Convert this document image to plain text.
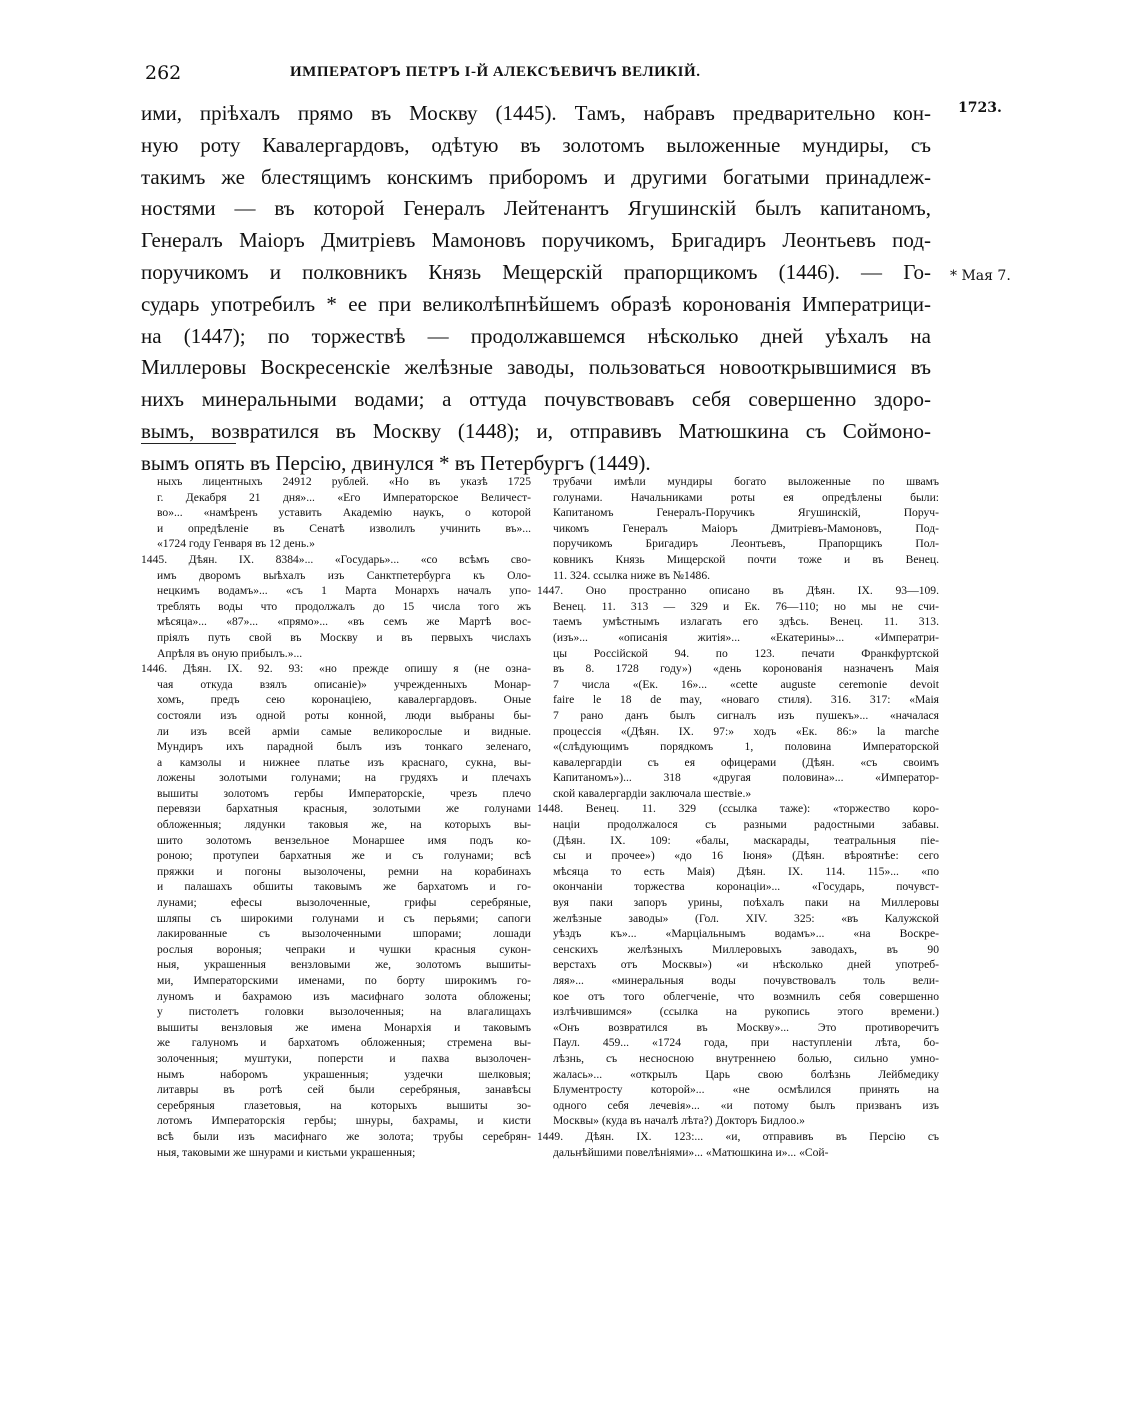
262	ИМПЕРАТОРЪ ПЕТРЪ I-Й АЛЕКСѢЕВИЧЪ ВЕЛИКІЙ.
1723.
* Мая 7.
ими, пріѣхалъ прямо въ Москву (1445). Тамъ, набравъ предварительно кон-
ную роту Кавалергардовъ, одѣтую въ золотомъ выложенные мундиры, съ
такимъ же блестящимъ конскимъ приборомъ и другими богатыми принадлеж-
ностями — въ которой Генералъ Лейтенантъ Ягушинскій былъ капитаномъ,
Генералъ Маіоръ Дмитріевъ Мамоновъ поручикомъ, Бригадиръ Леонтьевъ под-
поручикомъ и полковникъ Князь Мещерскій прапорщикомъ (1446). — Го-
сударь употребилъ * ее при великолѣпнѣйшемъ образѣ коронованія Императрици-
на (1447); по торжествѣ — продолжавшемся нѣсколько дней уѣхалъ на
Миллеровы Воскресенскіе желѣзные заводы, пользоваться новооткрывшимися въ
нихъ минеральными водами; а оттуда почувствовавъ себя совершенно здоро-
вымъ, возвратился въ Москву (1448); и, отправивъ Матюшкина съ Соймоно-
вымъ опять въ Персію, двинулся * въ Петербургъ (1449).
ныхъ лицентныхъ 24912 рублей. «Но въ указѣ 1725
г. Декабря 21 дня»... «Его Императорское Величест-
во»... «намѣренъ уставить Академію наукъ, о которой
и опредѣленіе въ Сенатѣ изволилъ учинить въ»...
«1724 году Генваря въ 12 день.»
1445. Дѣян. IX. 8384»... «Государь»... «со всѣмъ сво-
имъ дворомъ выѣхалъ изъ Санктпетербурга къ Оло-
нецкимъ водамъ»... «съ 1 Марта Монархъ началъ упо-
треблять воды что продолжалъ до 15 числа того жъ
мѣсяца»... «87»... «прямо»... «въ семъ же Мартѣ вос-
пріялъ путь свой въ Москву и въ первыхъ числахъ
Апрѣля въ оную прибылъ.»...
1446. Дѣян. IX. 92. 93: «но прежде опишу я (не озна-
чая откуда взялъ описаніе)» учрежденныхъ Монар-
хомъ, предъ сею коронаціею, кавалергардовъ. Оные
состояли изъ одной роты конной, люди выбраны бы-
ли изъ всей арміи самые великорослые и видные.
Мундиръ ихъ парадной былъ изъ тонкаго зеленаго,
а камзолы и нижнее платье изъ краснаго, сукна, вы-
ложены золотыми голунами; на грудяхъ и плечахъ
вышиты золотомъ гербы Императорскіе, чрезъ плечо
перевязи бархатныя красныя, золотыми же голунами
обложенныя; лядунки таковыя же, на которыхъ вы-
шито золотомъ вензельное Монаршее имя подъ ко-
роною; протупеи бархатныя же и съ голунами; всѣ
пряжки и погоны вызолочены, ремни на корабинахъ
и палашахъ обшиты таковымъ же бархатомъ и го-
лунами; ефесы вызолоченные, грифы серебряные,
шляпы съ широкими голунами и съ перьями; сапоги
лакированные съ вызолоченными шпорами; лошади
рослыя вороныя; чепраки и чушки красныя сукон-
ныя, украшенныя вензловыми же, золотомъ вышиты-
ми, Императорскими именами, по борту широкимъ го-
луномъ и бахрамою изъ масифнаго золота обложены;
у пистолетъ головки вызолоченныя; на влагалищахъ
вышиты вензловыя же имена Монархія и таковымъ
же галуномъ и бархатомъ обложенныя; стремена вы-
золоченныя; муштуки, поперсти и пахва вызолочен-
нымъ наборомъ украшенныя; уздечки шелковыя;
литавры въ ротѣ сей были серебряныя, занавѣсы
серебряныя глазетовыя, на которыхъ вышиты зо-
лотомъ Императорскія гербы; шнуры, бахрамы, и кисти
всѣ были изъ масифнаго же золота; трубы серебрян-
ныя, таковыми же шнурами и кистьми украшенныя;
трубачи имѣли мундиры богато выложенные по швамъ
голунами. Начальниками роты ея опредѣлены были:
Капитаномъ Генералъ-Поручикъ Ягушинскій, Поруч-
чикомъ Генералъ Маіоръ Дмитріевъ-Мамоновъ, Под-
поручикомъ Бригадиръ Леонтьевъ, Прапорщикъ Пол-
ковникъ Князь Мищерской почти тоже и въ Венец.
11. 324. ссылка ниже въ №1486.
1447. Оно пространно описано въ Дѣян. IX. 93—109.
Венец. 11. 313 — 329 и Ек. 76—110; но мы не счи-
таемъ умѣстнымъ излагать его здѣсь. Венец. 11. 313.
(изъ»... «описанія житія»... «Екатерины»... «Императри-
цы Россійской 94. по 123. печати Франкфуртской
въ 8. 1728 году») «день коронованія назначенъ Маія
7 числа «(Ек. 16»... «cette auguste ceremonie devoit
faire le 18 de may, «новаго стиля). 316. 317: «Маія
7 рано данъ былъ сигналъ изъ пушекъ»... «началася
процессія «(Дѣян. IX. 97:» ходъ «Ек. 86:» la marche
«(слѣдующимъ порядкомъ 1, половина Императорской
кавалергардіи съ ея офицерами (Дѣян. «съ своимъ
Капитаномъ»)... 318 «другая половина»... «Император-
ской кавалергардіи заключала шествіе.»
1448. Венец. 11. 329 (ссылка таже): «торжество коро-
націи продолжалося съ разными радостными забавы.
(Дѣян. IX. 109: «балы, маскарады, театральныя піе-
сы и прочее») «до 16 Іюня» (Дѣян. вѣроятнѣе: сего
мѣсяца то есть Маія) Дѣян. IX. 114. 115»... «по
окончаніи торжества коронаціи»... «Государь, почувст-
вуя паки запоръ урины, поѣхалъ паки на Миллеровы
желѣзные заводы» (Гол. XIV. 325: «въ Калужской
уѣздъ къ»... «Марціальнымъ водамъ»... «на Воскре-
сенскихъ желѣзныхъ Миллеровыхъ заводахъ, въ 90
верстахъ отъ Москвы») «и нѣсколько дней употреб-
ляя»... «минеральныя воды почувствовалъ толь вели-
кое отъ того облегченіе, что возмнилъ себя совершенно
излѣчившимся» (ссылка на рукопись этого времени.)
«Онъ возвратился въ Москву»... Это противоречитъ
Паул. 459... «1724 года, при наступленіи лѣта, бо-
лѣзнь, съ несносною внутреннею болью, сильно умно-
жалась»... «открылъ Царь свою болѣзнь Лейбмедику
Блументросту которой»... «не осмѣлился принять на
одного себя лечевія»... «и потому былъ призванъ изъ
Москвы» (куда въ началѣ лѣта?) Докторъ Бидлоо.»
1449. Дѣян. IX. 123:... «и, отправивъ въ Персію съ
дальнѣйшими повелѣніями»... «Матюшкина и»... «Сой-
